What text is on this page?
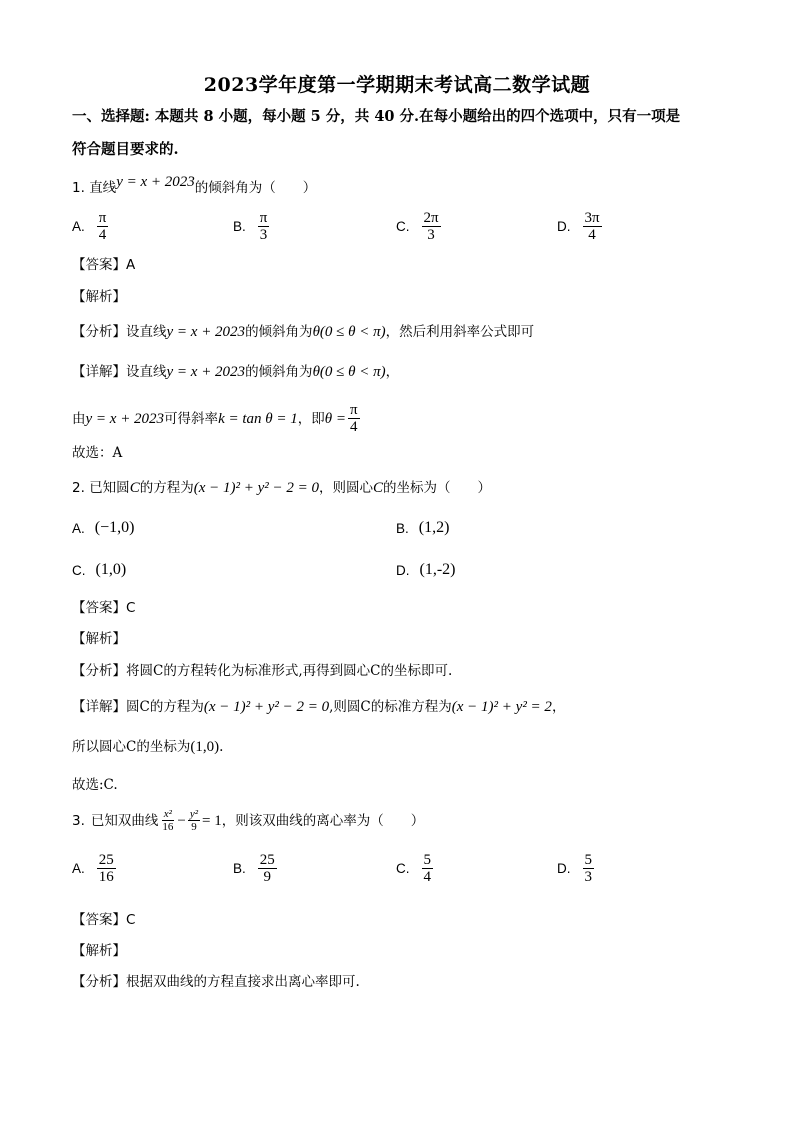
2023学年度第一学期期末考试高二数学试题
一、选择题: 本题共 8 小题，每小题 5 分，共 40 分.在每小题给出的四个选项中，只有一项是
符合题目要求的.
1. 直线y = x + 2023的倾斜角为（　　）
A. $\frac{\pi}{4}$	B. $\frac{\pi}{3}$	C. $\frac{2\pi}{3}$	D. $\frac{3\pi}{4}$
【答案】A
【解析】
【分析】设直线y = x + 2023的倾斜角为θ(0 ≤ θ < π)，然后利用斜率公式即可
【详解】设直线y = x + 2023的倾斜角为θ(0 ≤ θ < π)，
由 y = x + 2023 可得斜率 k = tan θ = 1 ，即 $\theta = \frac{\pi}{4}$
故选：A
2. 已知圆C的方程为(x − 1)² + y² − 2 = 0，则圆心C的坐标为（　　）
A. (−1,0)	B. (1,2)
C. (1,0)	D. (1,-2)
【答案】C
【解析】
【分析】将圆C的方程转化为标准形式,再得到圆心C的坐标即可.
【详解】圆C的方程为(x − 1)² + y² − 2 = 0,则圆C的标准方程为(x − 1)² + y² = 2，
所以圆心C的坐标为(1,0).
故选:C.
3. 已知双曲线 $\frac{\text{x²}}{16} - \frac{\text{y²}}{9} = 1$ ，则该双曲线的离心率为（　　）
A. $\frac{25}{16}$	B. $\frac{25}{9}$	C. $\frac{5}{4}$	D. $\frac{5}{3}$
【答案】C
【解析】
【分析】根据双曲线的方程直接求出离心率即可.
